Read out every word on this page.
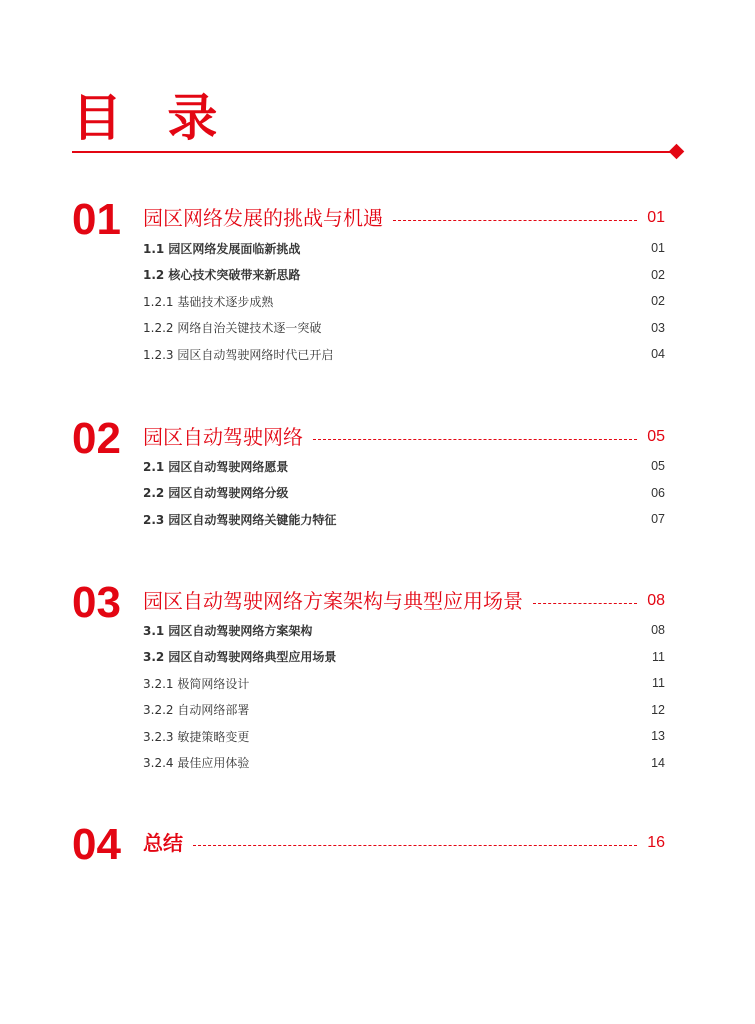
目 录
01 园区网络发展的挑战与机遇	01
1.1 园区网络发展面临新挑战	01
1.2 核心技术突破带来新思路	02
1.2.1 基础技术逐步成熟	02
1.2.2 网络自治关键技术逐一突破	03
1.2.3 园区自动驾驶网络时代已开启	04
02 园区自动驾驶网络	05
2.1 园区自动驾驶网络愿景	05
2.2 园区自动驾驶网络分级	06
2.3 园区自动驾驶网络关键能力特征	07
03 园区自动驾驶网络方案架构与典型应用场景	08
3.1 园区自动驾驶网络方案架构	08
3.2 园区自动驾驶网络典型应用场景	11
3.2.1 极简网络设计	11
3.2.2 自动网络部署	12
3.2.3 敏捷策略变更	13
3.2.4 最佳应用体验	14
04 总结	16
